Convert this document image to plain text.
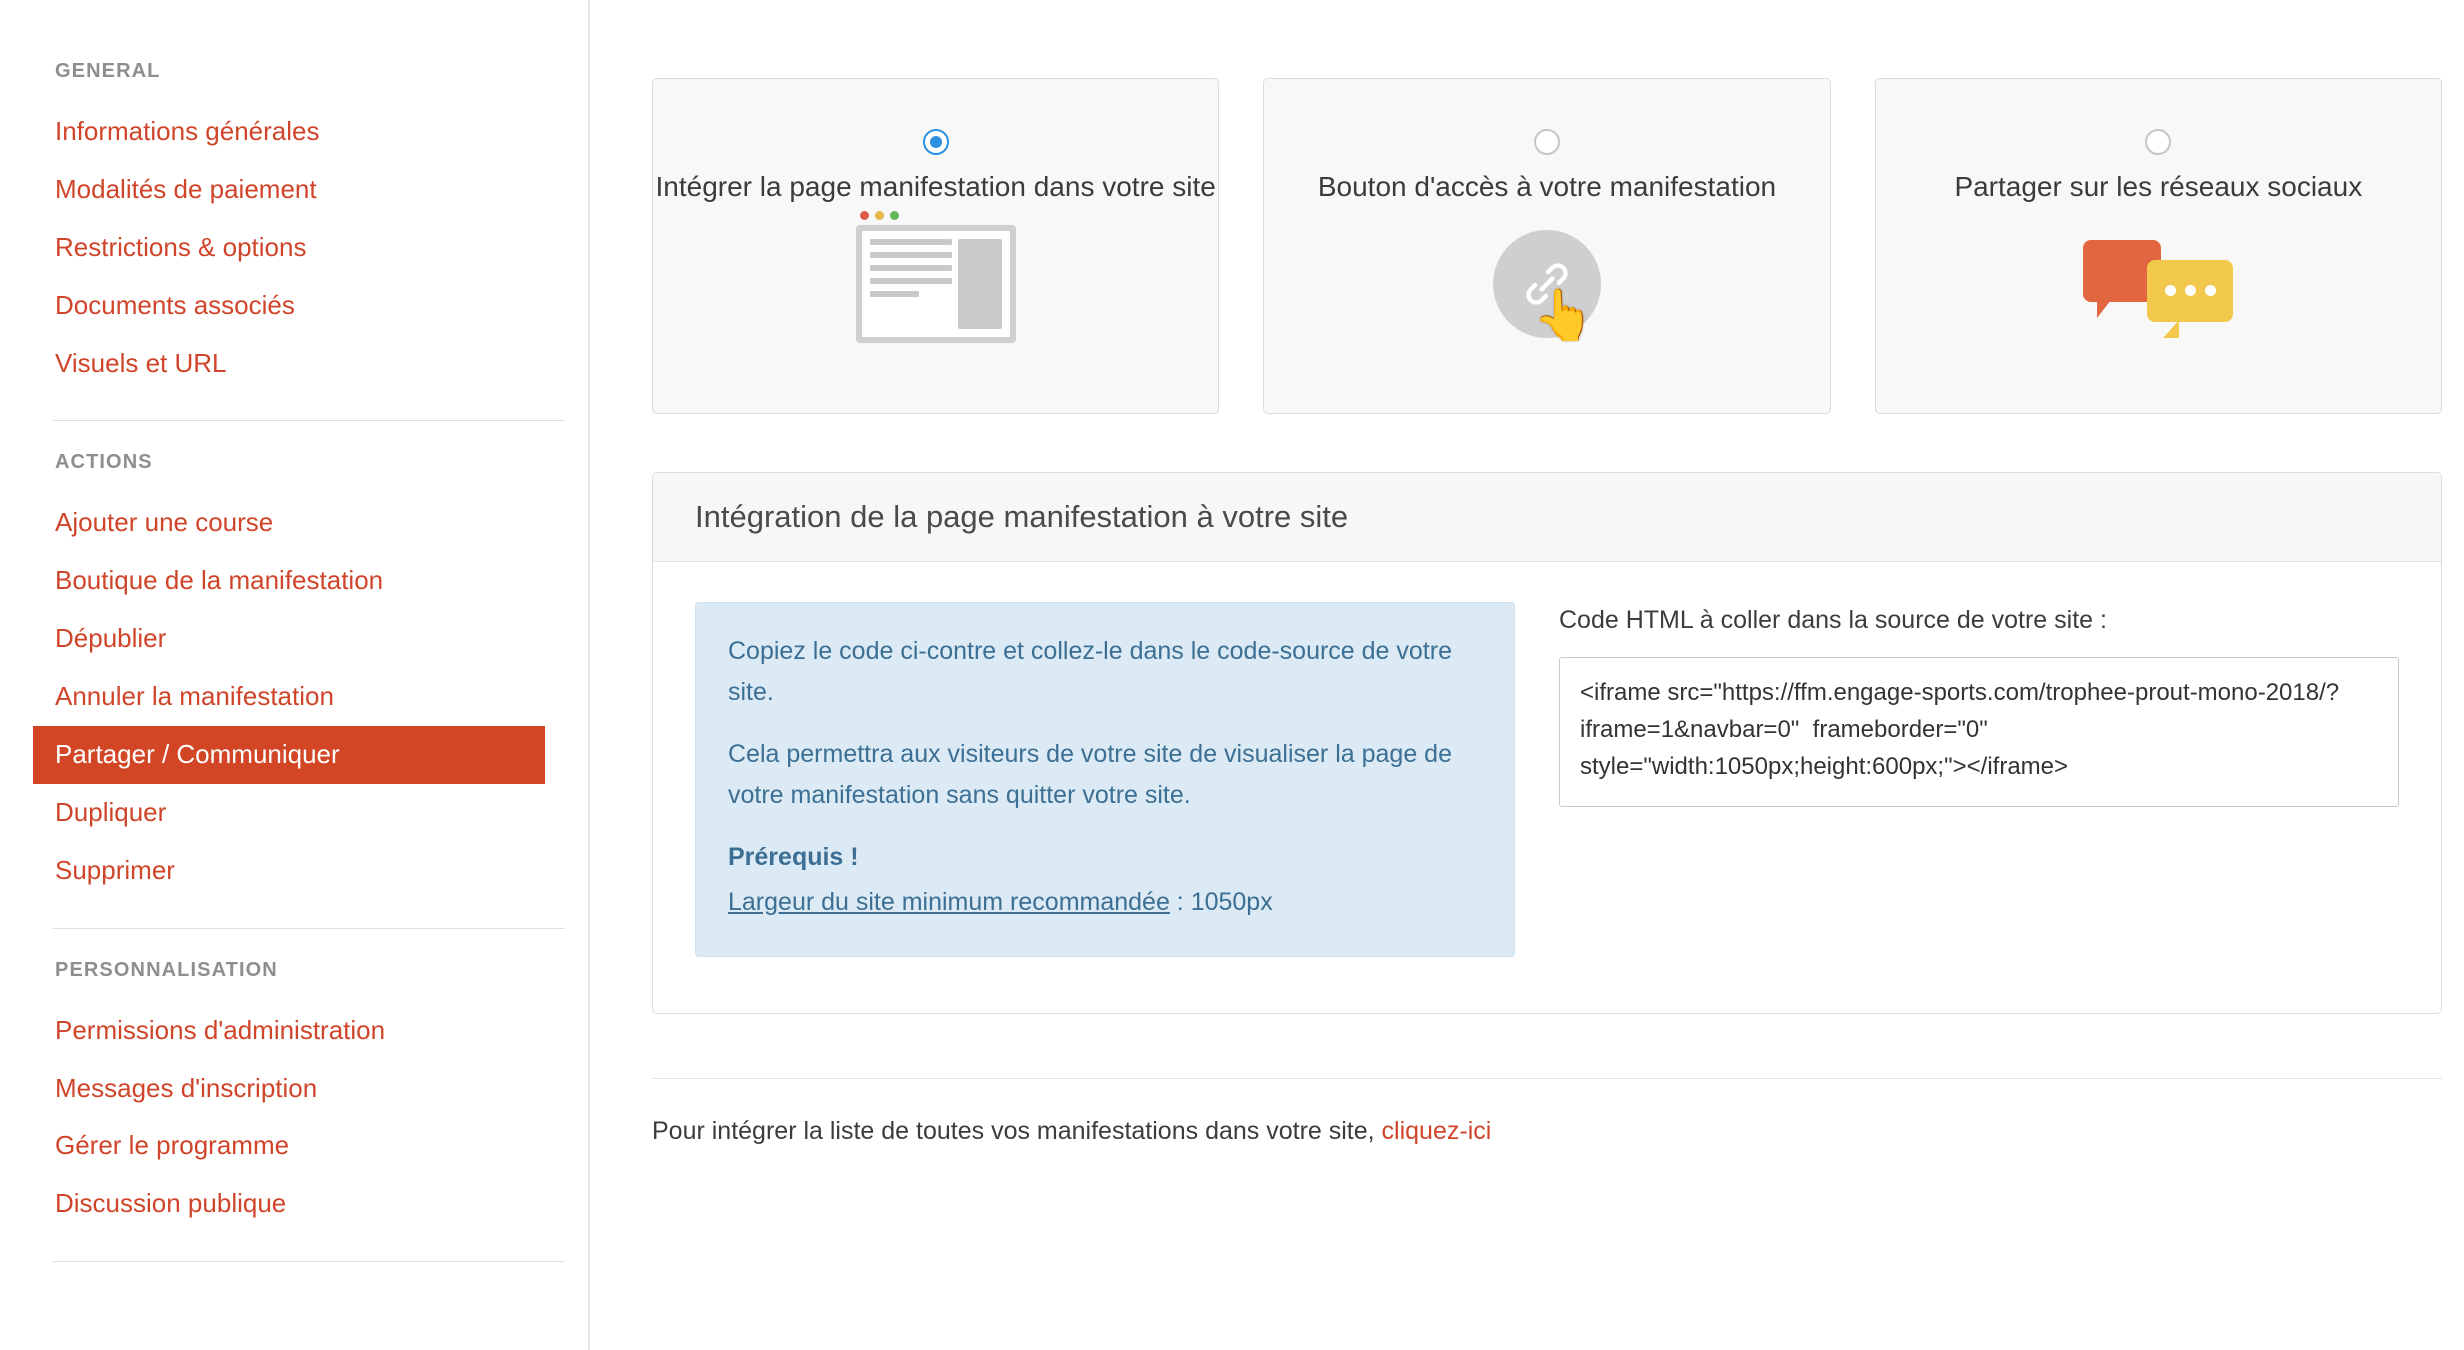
GENERAL
Informations générales
Modalités de paiement
Restrictions & options
Documents associés
Visuels et URL
ACTIONS
Ajouter une course
Boutique de la manifestation
Dépublier
Annuler la manifestation
Partager / Communiquer
Dupliquer
Supprimer
PERSONNALISATION
Permissions d'administration
Messages d'inscription
Gérer le programme
Discussion publique
Intégrer la page manifestation dans votre site	Bouton d'accès à votre manifestation
👆
Partager sur les réseaux sociaux
Intégration de la page manifestation à votre site

Copiez le code ci-contre et collez-le dans le code-source de votre site.

Cela permettra aux visiteurs de votre site de visualiser la page de votre manifestation sans quitter votre site.

Prérequis !

Largeur du site minimum recommandée : 1050px
Code HTML à coller dans la source de votre site :
<iframe src="https://ffm.engage-sports.com/trophee-prout-mono-2018/?iframe=1&navbar=0" frameborder="0" style="width:1050px;height:600px;"></iframe>
Pour intégrer la liste de toutes vos manifestations dans votre site, cliquez-ici
